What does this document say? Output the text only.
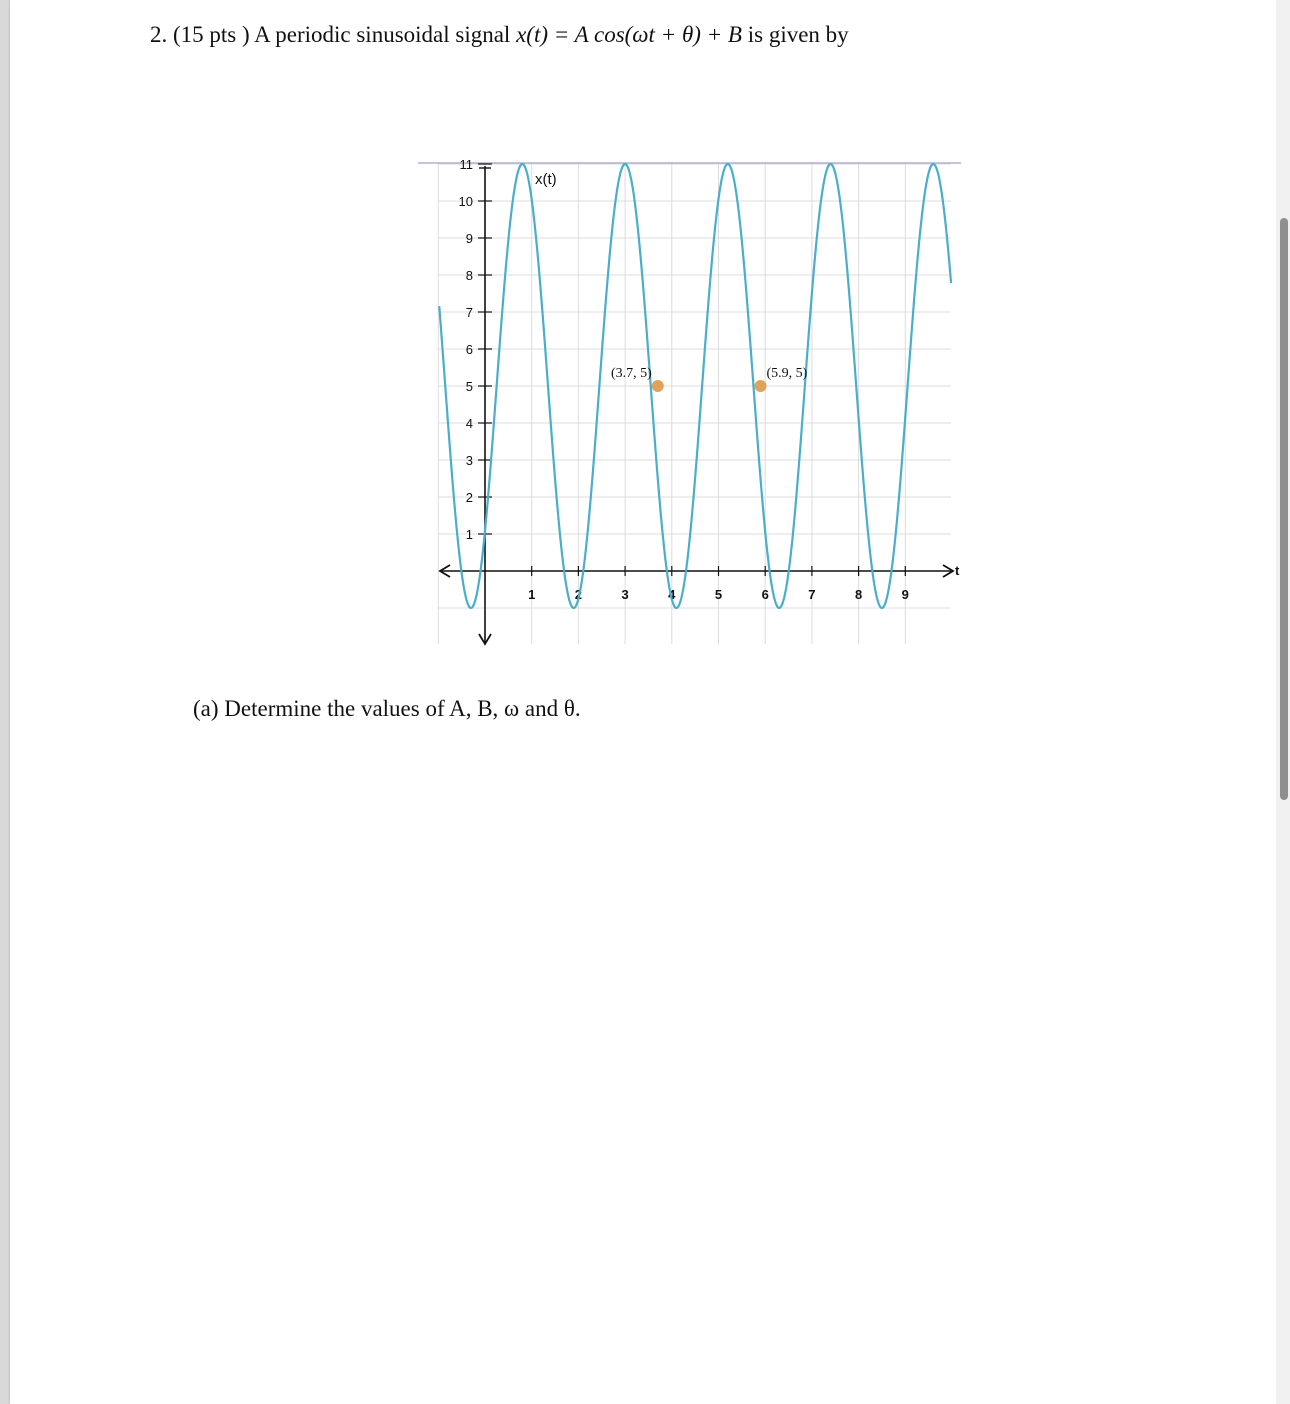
2. (15 pts ) A periodic sinusoidal signal x(t) = A cos(ωt + θ) + B is given by
1	2	3	4	5	6	7	8	9
1
2
3
4
5
6
7
8
9
10
11
(3.7, 5)	(5.9, 5)
x(t)
t
(a) Determine the values of A, B, ω and θ.
